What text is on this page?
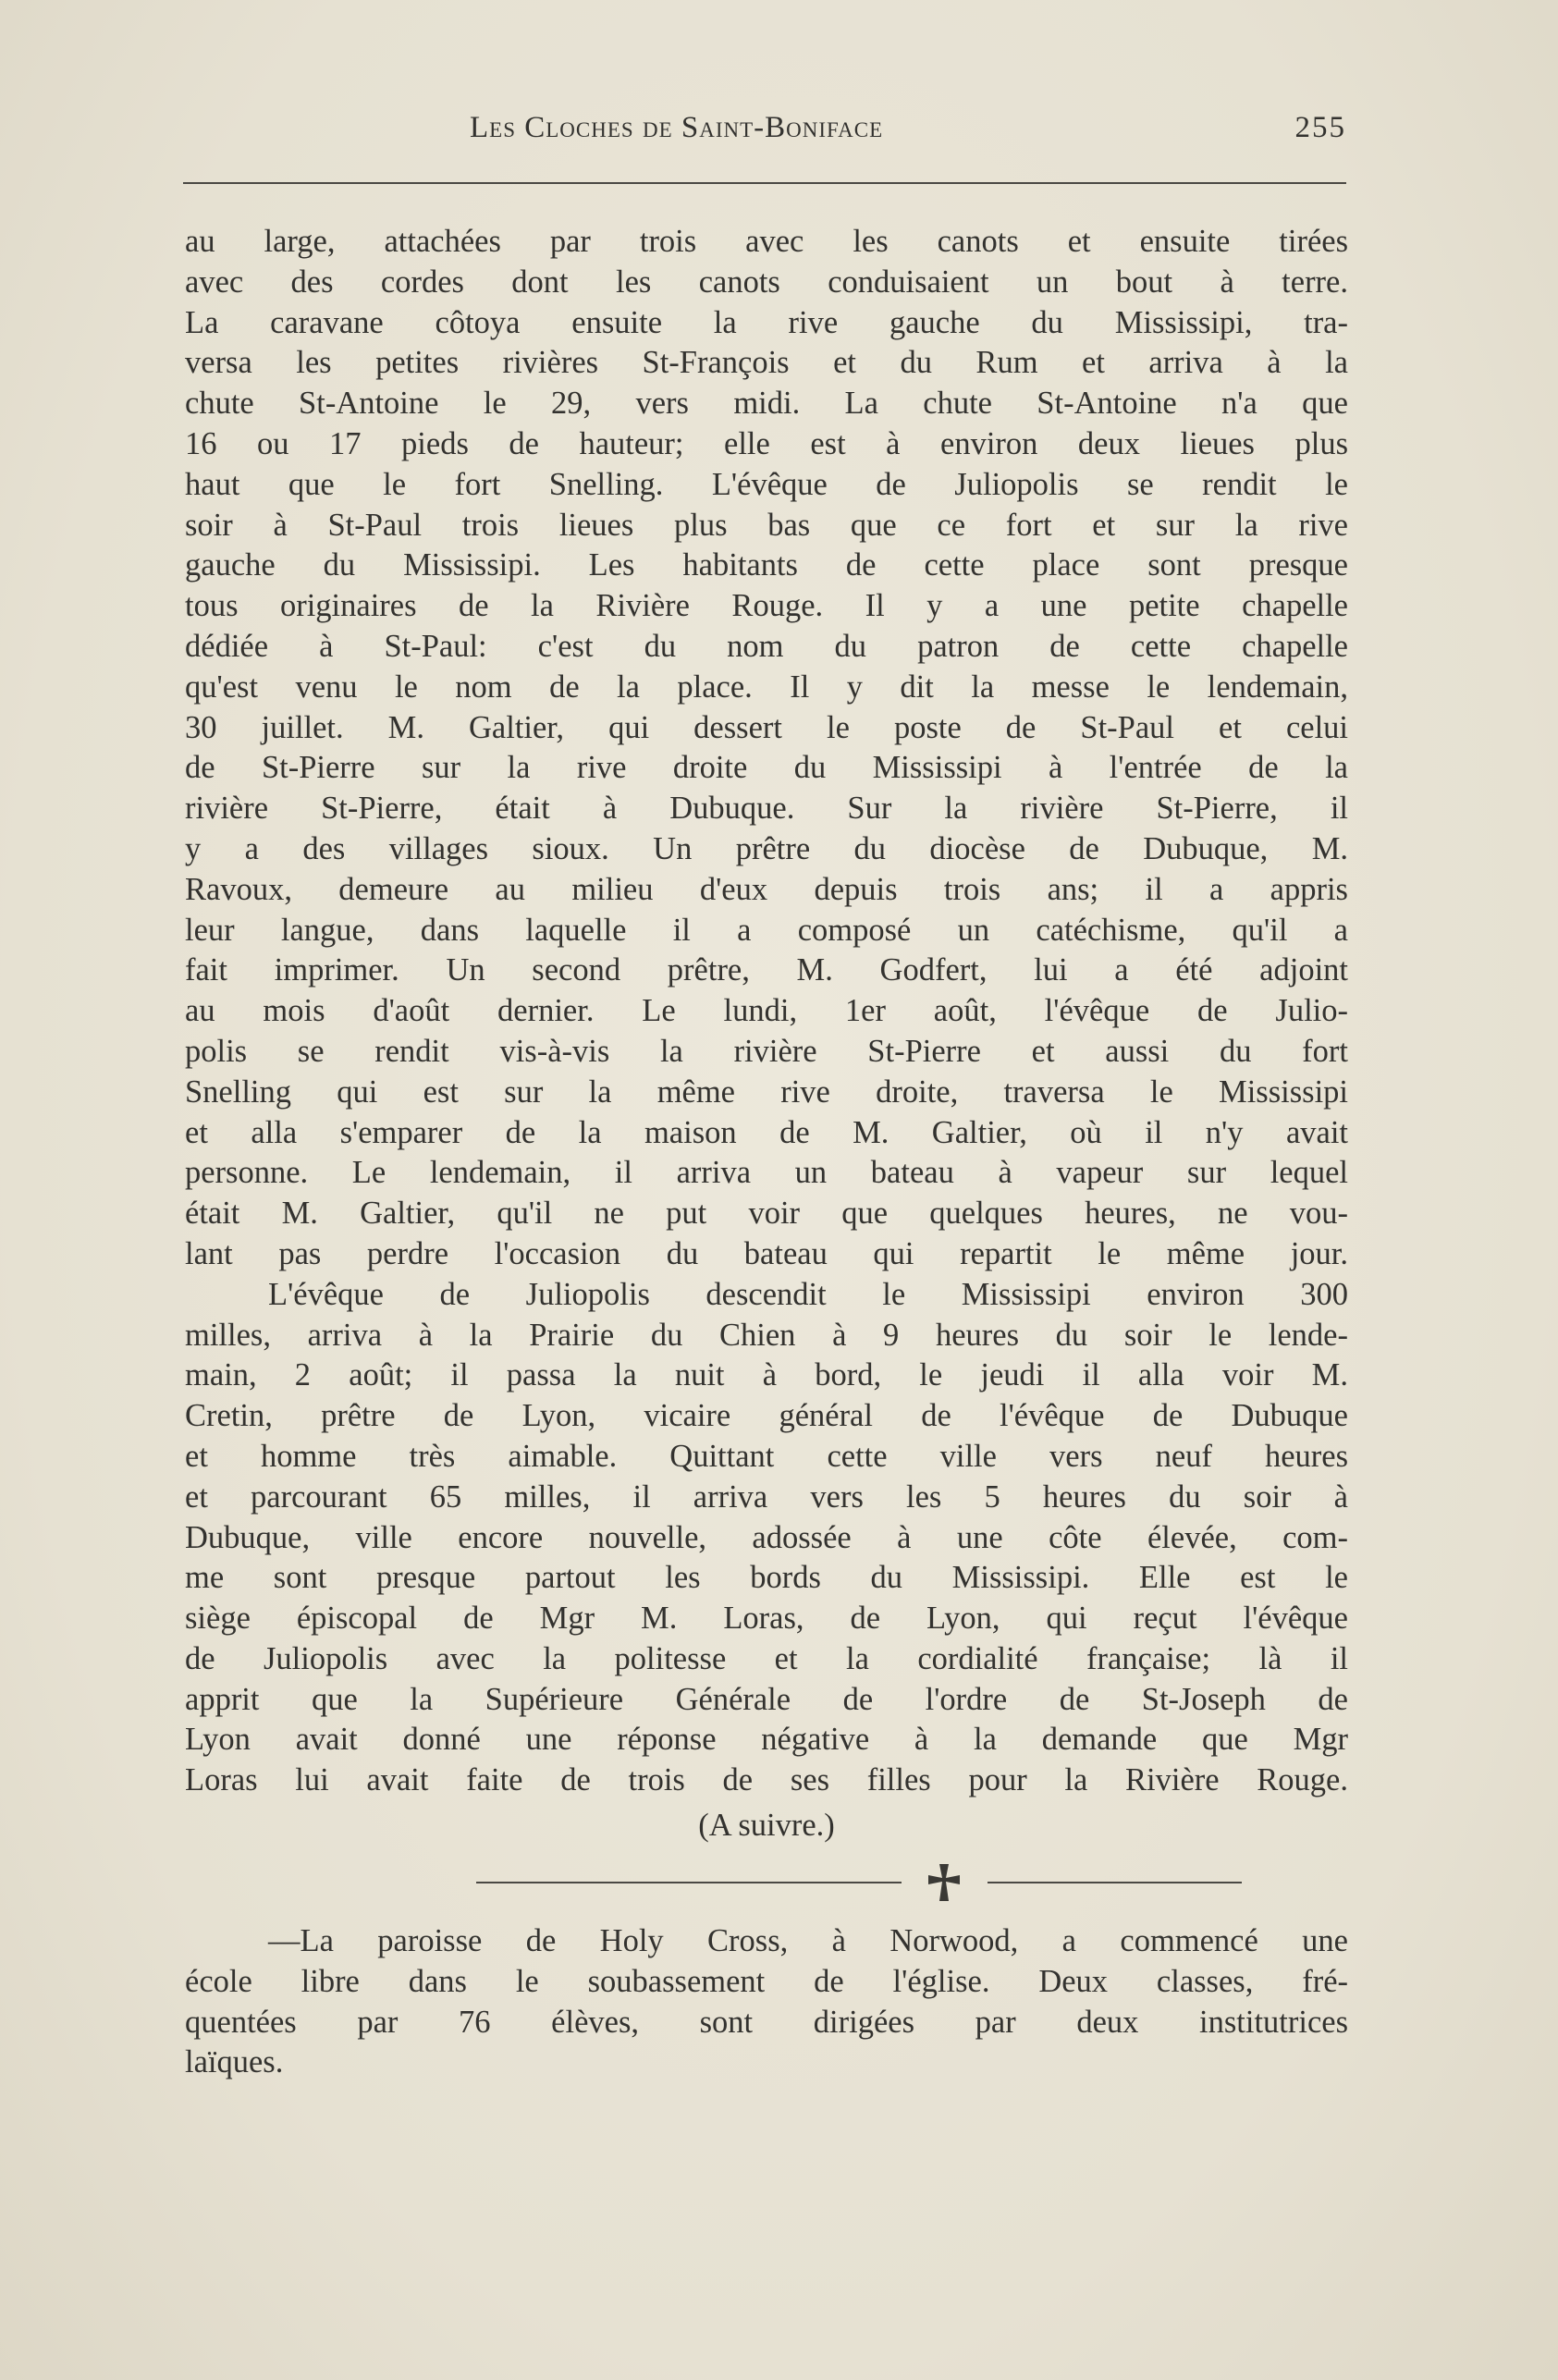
Les Cloches de Saint-Boniface	255
au large, attachées par trois avec les canots et ensuite tirées
avec des cordes dont les canots conduisaient un bout à terre.
La caravane côtoya ensuite la rive gauche du Mississipi, tra-
versa les petites rivières St-François et du Rum et arriva à la
chute St-Antoine le 29, vers midi. La chute St-Antoine n'a que
16 ou 17 pieds de hauteur; elle est à environ deux lieues plus
haut que le fort Snelling. L'évêque de Juliopolis se rendit le
soir à St-Paul trois lieues plus bas que ce fort et sur la rive
gauche du Mississipi. Les habitants de cette place sont presque
tous originaires de la Rivière Rouge. Il y a une petite chapelle
dédiée à St-Paul: c'est du nom du patron de cette chapelle
qu'est venu le nom de la place. Il y dit la messe le lendemain,
30 juillet. M. Galtier, qui dessert le poste de St-Paul et celui
de St-Pierre sur la rive droite du Mississipi à l'entrée de la
rivière St-Pierre, était à Dubuque. Sur la rivière St-Pierre, il
y a des villages sioux. Un prêtre du diocèse de Dubuque, M.
Ravoux, demeure au milieu d'eux depuis trois ans; il a appris
leur langue, dans laquelle il a composé un catéchisme, qu'il a
fait imprimer. Un second prêtre, M. Godfert, lui a été adjoint
au mois d'août dernier. Le lundi, 1er août, l'évêque de Julio-
polis se rendit vis-à-vis la rivière St-Pierre et aussi du fort
Snelling qui est sur la même rive droite, traversa le Mississipi
et alla s'emparer de la maison de M. Galtier, où il n'y avait
personne. Le lendemain, il arriva un bateau à vapeur sur lequel
était M. Galtier, qu'il ne put voir que quelques heures, ne vou-
lant pas perdre l'occasion du bateau qui repartit le même jour.
L'évêque de Juliopolis descendit le Mississipi environ 300
milles, arriva à la Prairie du Chien à 9 heures du soir le lende-
main, 2 août; il passa la nuit à bord, le jeudi il alla voir M.
Cretin, prêtre de Lyon, vicaire général de l'évêque de Dubuque
et homme très aimable. Quittant cette ville vers neuf heures
et parcourant 65 milles, il arriva vers les 5 heures du soir à
Dubuque, ville encore nouvelle, adossée à une côte élevée, com-
me sont presque partout les bords du Mississipi. Elle est le
siège épiscopal de Mgr M. Loras, de Lyon, qui reçut l'évêque
de Juliopolis avec la politesse et la cordialité française; là il
apprit que la Supérieure Générale de l'ordre de St-Joseph de
Lyon avait donné une réponse négative à la demande que Mgr
Loras lui avait faite de trois de ses filles pour la Rivière Rouge.
(A suivre.)
—La paroisse de Holy Cross, à Norwood, a commencé une
école libre dans le soubassement de l'église. Deux classes, fré-
quentées par 76 élèves, sont dirigées par deux institutrices
laïques.
